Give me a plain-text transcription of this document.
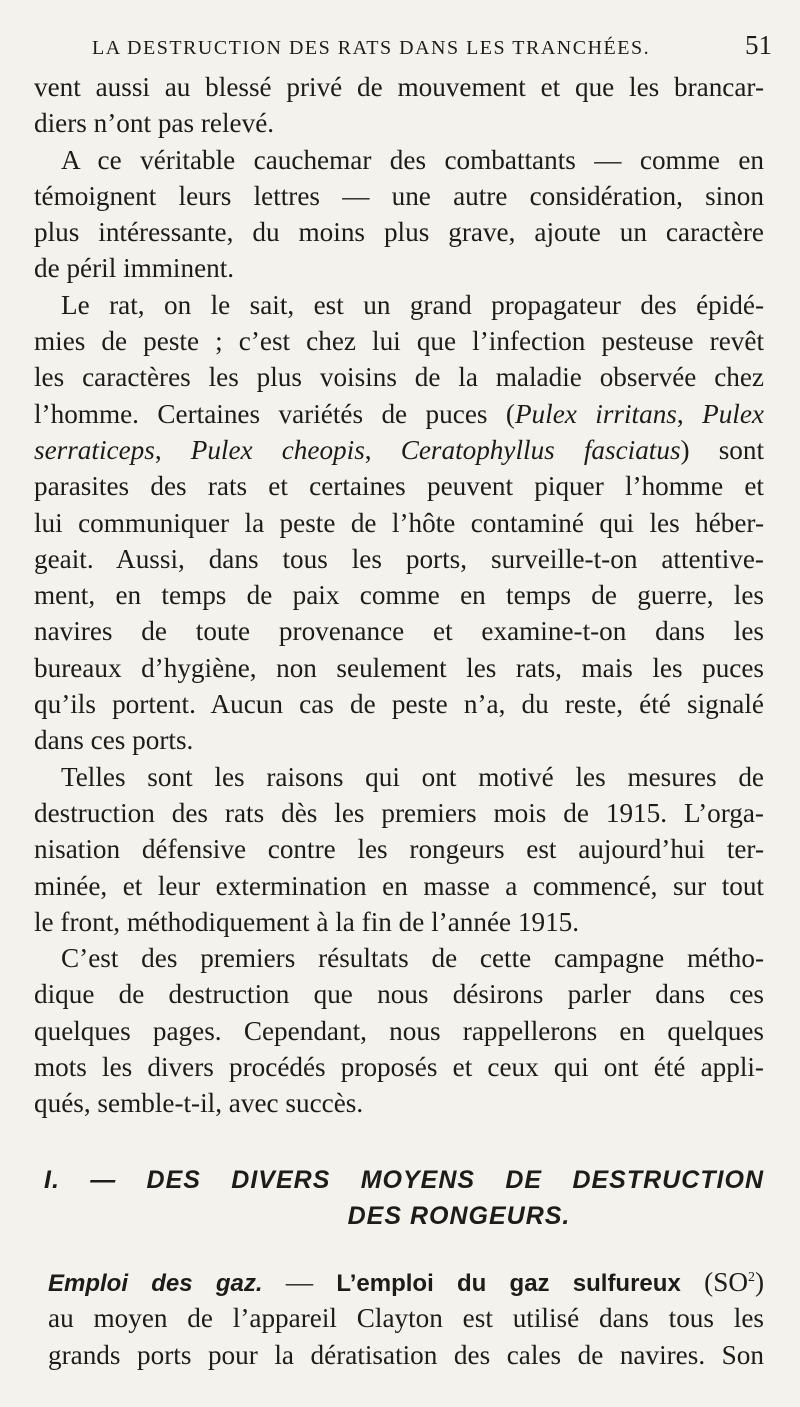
LA DESTRUCTION DES RATS DANS LES TRANCHÉES.	51
vent aussi au blessé privé de mouvement et que les brancar-
diers n’ont pas relevé.
A ce véritable cauchemar des combattants — comme en
témoignent leurs lettres — une autre considération, sinon
plus intéressante, du moins plus grave, ajoute un caractère
de péril imminent.
Le rat, on le sait, est un grand propagateur des épidé-
mies de peste ; c’est chez lui que l’infection pesteuse revêt
les caractères les plus voisins de la maladie observée chez
l’homme. Certaines variétés de puces (Pulex irritans, Pulex
serraticeps, Pulex cheopis, Ceratophyllus fasciatus) sont
parasites des rats et certaines peuvent piquer l’homme et
lui communiquer la peste de l’hôte contaminé qui les héber-
geait. Aussi, dans tous les ports, surveille-t-on attentive-
ment, en temps de paix comme en temps de guerre, les
navires de toute provenance et examine-t-on dans les
bureaux d’hygiène, non seulement les rats, mais les puces
qu’ils portent. Aucun cas de peste n’a, du reste, été signalé
dans ces ports.
Telles sont les raisons qui ont motivé les mesures de
destruction des rats dès les premiers mois de 1915. L’orga-
nisation défensive contre les rongeurs est aujourd’hui ter-
minée, et leur extermination en masse a commencé, sur tout
le front, méthodiquement à la fin de l’année 1915.
C’est des premiers résultats de cette campagne métho-
dique de destruction que nous désirons parler dans ces
quelques pages. Cependant, nous rappellerons en quelques
mots les divers procédés proposés et ceux qui ont été appli-
qués, semble-t-il, avec succès.
I. — DES DIVERS MOYENS DE DESTRUCTION
DES RONGEURS.
Emploi des gaz. — L’emploi du gaz sulfureux $(SO^2)$
au moyen de l’appareil Clayton est utilisé dans tous les
grands ports pour la dératisation des cales de navires. Son
